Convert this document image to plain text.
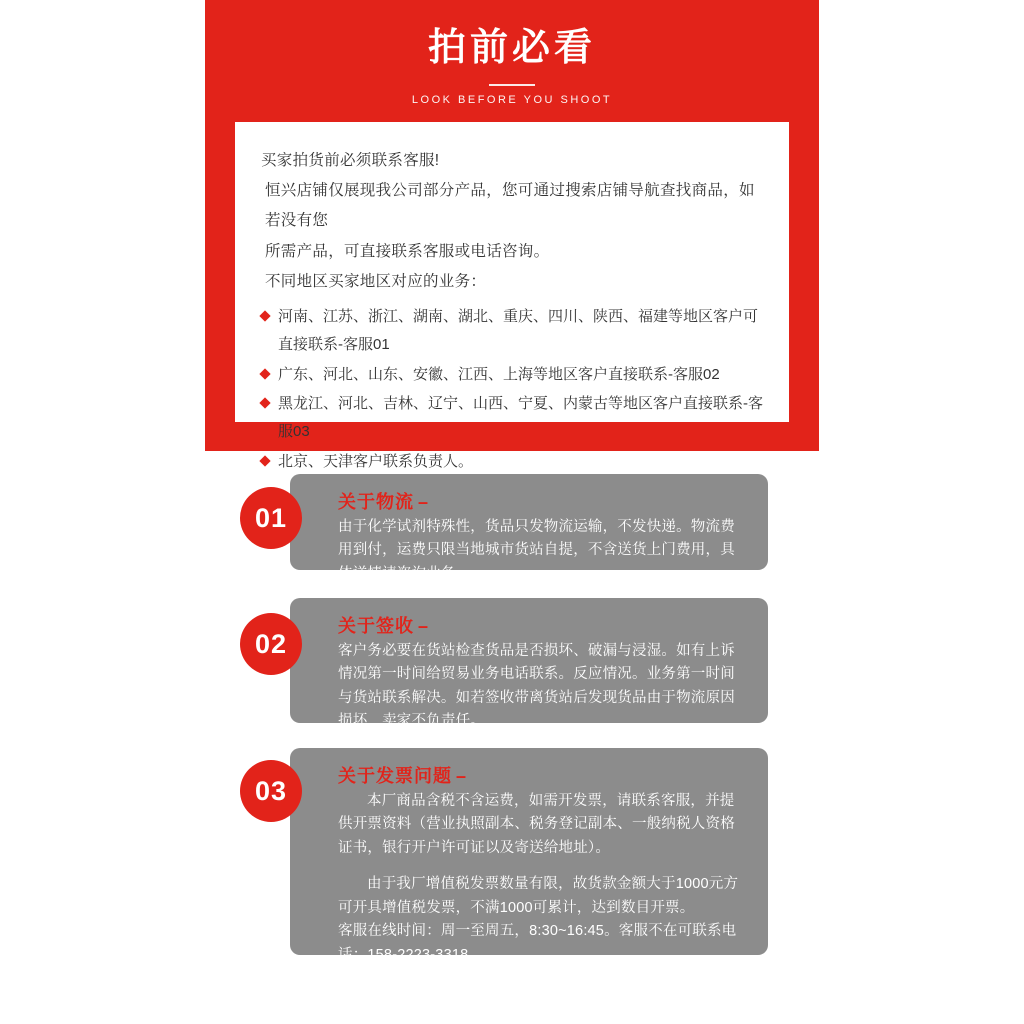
拍前必看
LOOK BEFORE YOU SHOOT
买家拍货前必须联系客服!
恒兴店铺仅展现我公司部分产品，您可通过搜索店铺导航查找商品，如若没有您
所需产品，可直接联系客服或电话咨询。
不同地区买家地区对应的业务：
河南、江苏、浙江、湖南、湖北、重庆、四川、陕西、福建等地区客户可直接联系-客服01
广东、河北、山东、安徽、江西、上海等地区客户直接联系-客服02
黑龙江、河北、吉林、辽宁、山西、宁夏、内蒙古等地区客户直接联系-客服03
北京、天津客户联系负责人。
01
关于物流 –

由于化学试剂特殊性，货品只发物流运输，不发快递。物流费用到付，运费只限当地城市货站自提，不含送货上门费用，具体详情请咨询业务。

02
关于签收 –

客户务必要在货站检查货品是否损坏、破漏与浸湿。如有上诉情况第一时间给贸易业务电话联系。反应情况。业务第一时间与货站联系解决。如若签收带离货站后发现货品由于物流原因损坏，卖家不负责任。

03	关于发票问题 –

本厂商品含税不含运费，如需开发票，请联系客服，并提供开票资料（营业执照副本、税务登记副本、一般纳税人资格证书，银行开户许可证以及寄送给地址）。

由于我厂增值税发票数量有限，故货款金额大于1000元方可开具增值税发票，不满1000可累计，达到数目开票。

客服在线时间：周一至周五，8:30~16:45。客服不在可联系电话：158-2223-3318

说明：本站所有货物均为含税不含运费价格，如需开票请联系客服。
